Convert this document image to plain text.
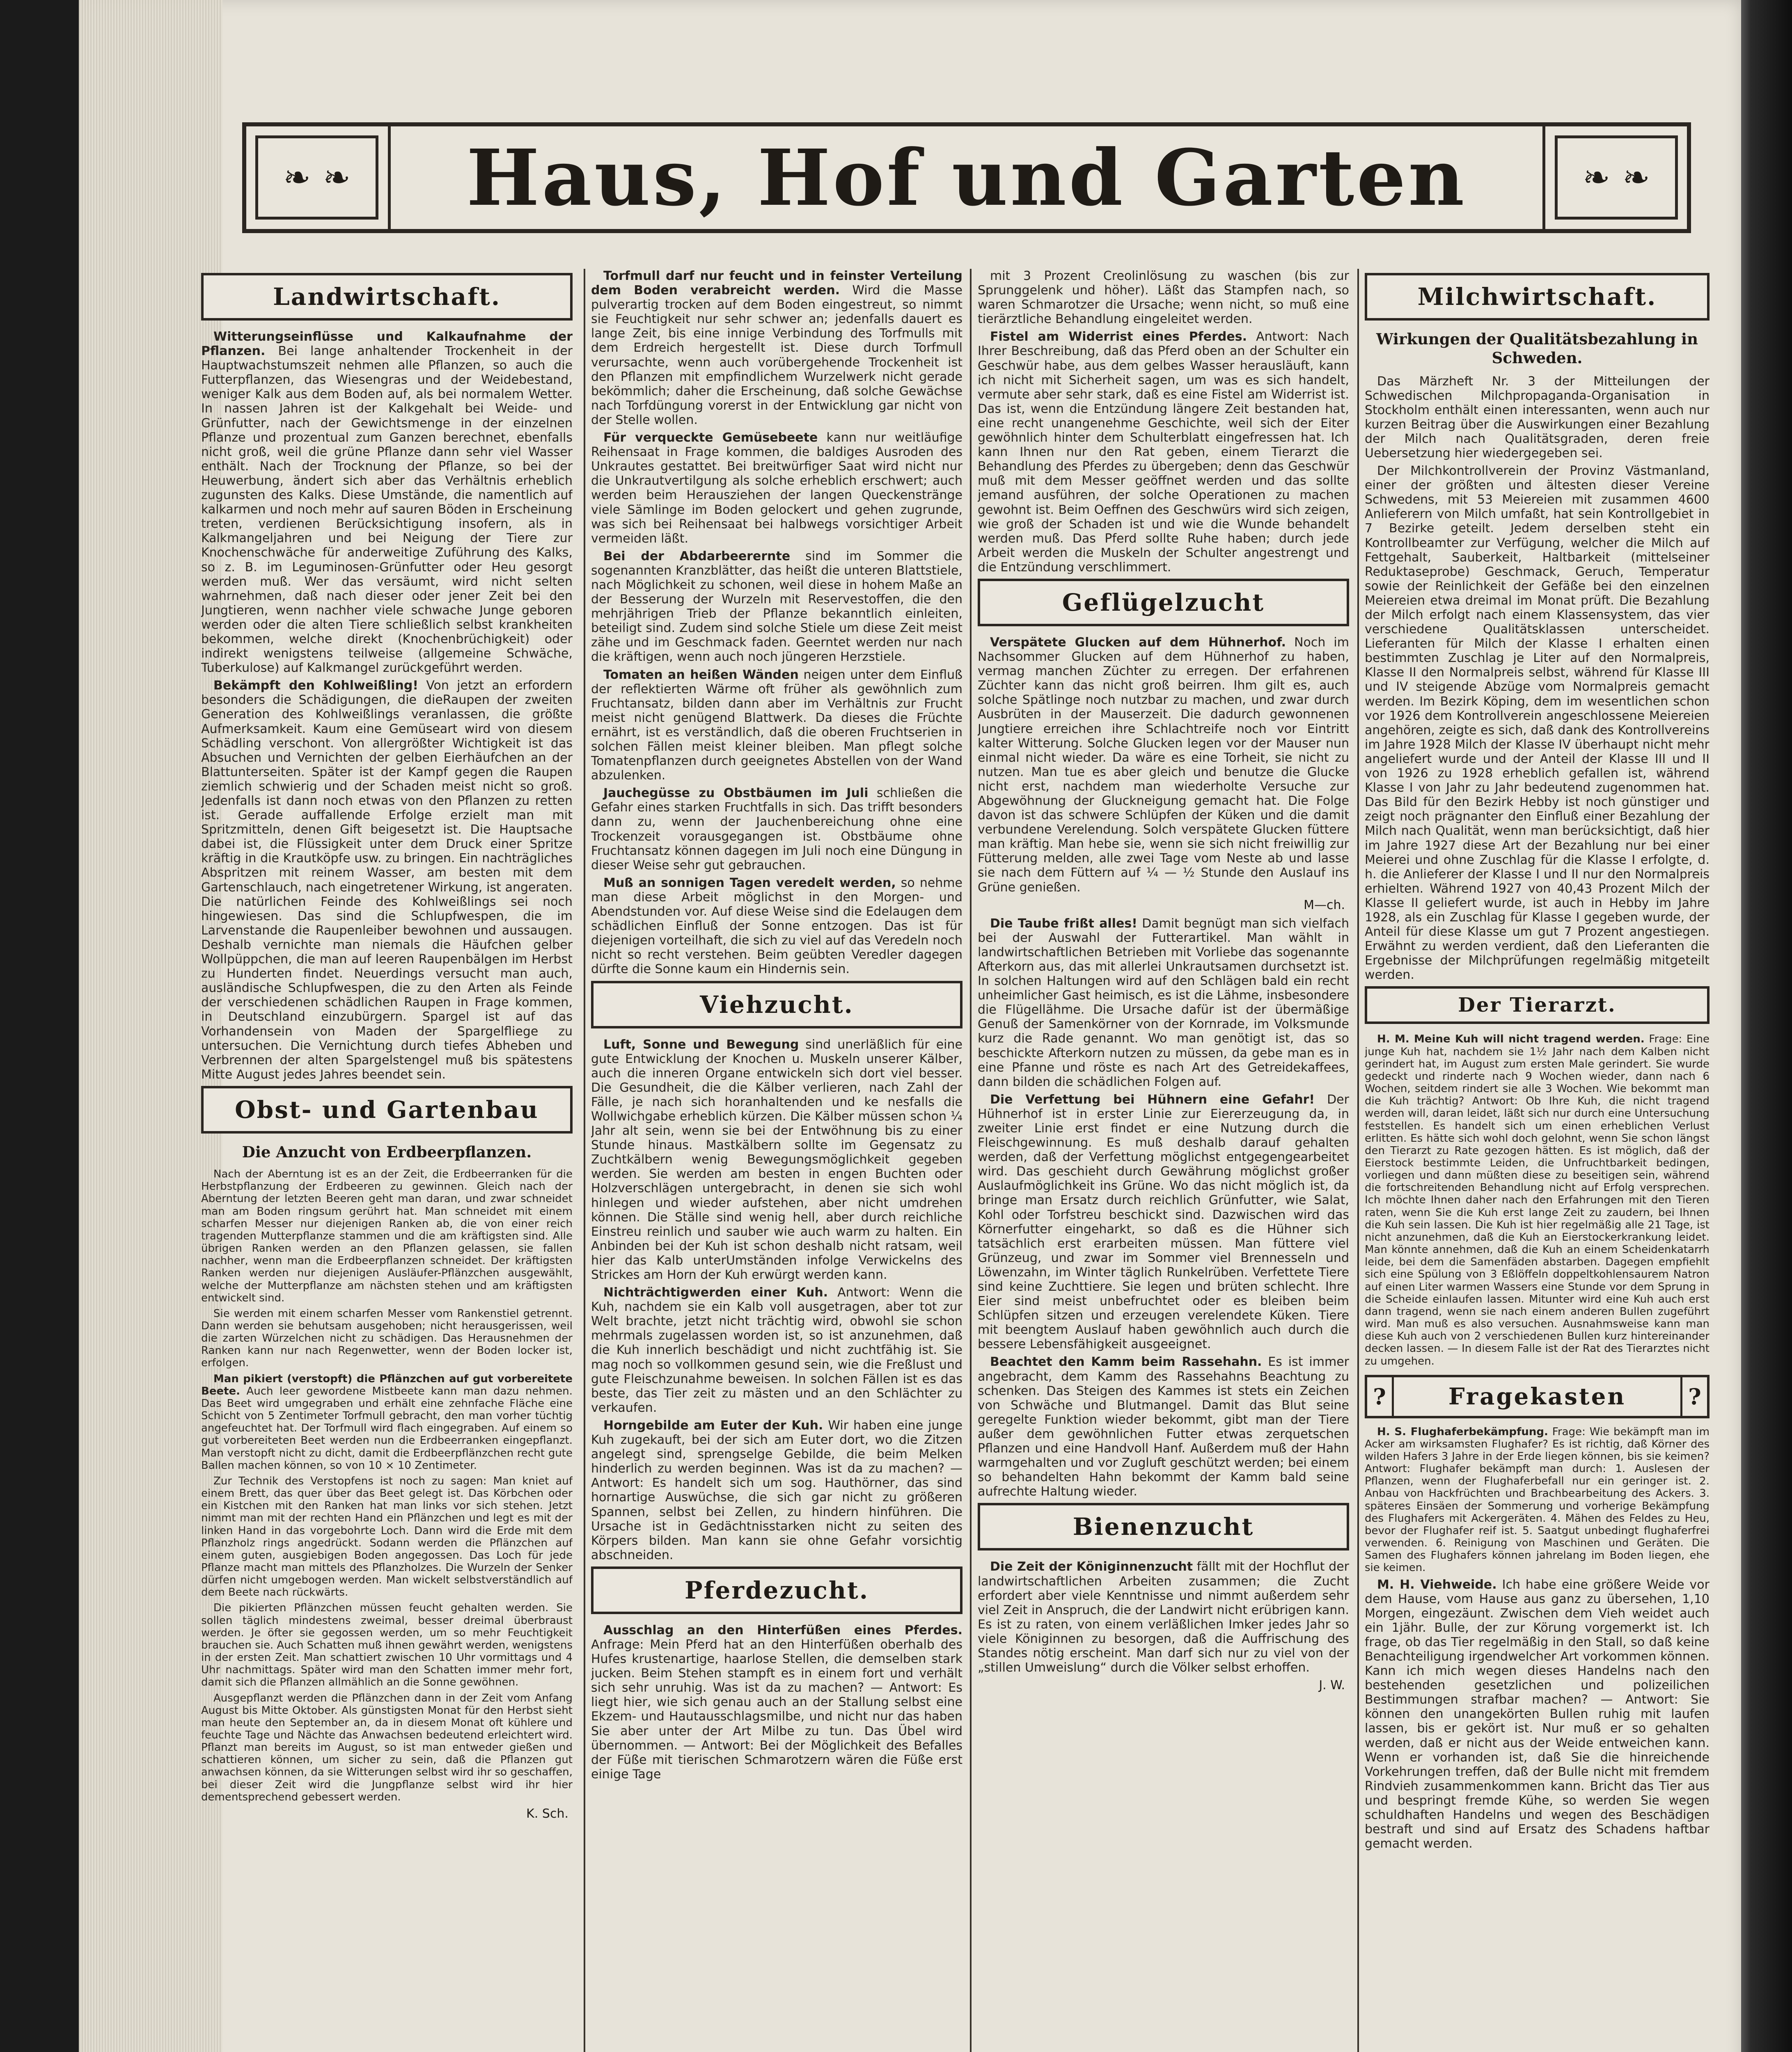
❧ ❧	Haus, Hof und Garten	❧ ❧
Landwirtschaft.

Witterungseinflüsse und Kalkaufnahme der Pflanzen. Bei lange anhaltender Trockenheit in der Hauptwachstumszeit nehmen alle Pflanzen, so auch die Futterpflanzen, das Wiesengras und der Weidebestand, weniger Kalk aus dem Boden auf, als bei normalem Wetter. In nassen Jahren ist der Kalkgehalt bei Weide- und Grünfutter, nach der Gewichtsmenge in der einzelnen Pflanze und prozentual zum Ganzen berechnet, ebenfalls nicht groß, weil die grüne Pflanze dann sehr viel Wasser enthält. Nach der Trocknung der Pflanze, so bei der Heuwerbung, ändert sich aber das Verhältnis erheblich zugunsten des Kalks. Diese Umstände, die namentlich auf kalkarmen und noch mehr auf sauren Böden in Erscheinung treten, verdienen Berücksichtigung insofern, als in Kalkmangeljahren und bei Neigung der Tiere zur Knochenschwäche für anderweitige Zuführung des Kalks, so z. B. im Leguminosen-Grünfutter oder Heu gesorgt werden muß. Wer das versäumt, wird nicht selten wahrnehmen, daß nach dieser oder jener Zeit bei den Jungtieren, wenn nachher viele schwache Junge geboren werden oder die alten Tiere schließlich selbst krankheiten bekommen, welche direkt (Knochenbrüchigkeit) oder indirekt wenigstens teilweise (allgemeine Schwäche, Tuberkulose) auf Kalkmangel zurückgeführt werden.

Bekämpft den Kohlweißling! Von jetzt an erfordern besonders die Schädigungen, die dieRaupen der zweiten Generation des Kohlweißlings veranlassen, die größte Aufmerksamkeit. Kaum eine Gemüseart wird von diesem Schädling verschont. Von allergrößter Wichtigkeit ist das Absuchen und Vernichten der gelben Eierhäufchen an der Blattunterseiten. Später ist der Kampf gegen die Raupen ziemlich schwierig und der Schaden meist nicht so groß. Jedenfalls ist dann noch etwas von den Pflanzen zu retten ist. Gerade auffallende Erfolge erzielt man mit Spritzmitteln, denen Gift beigesetzt ist. Die Hauptsache dabei ist, die Flüssigkeit unter dem Druck einer Spritze kräftig in die Krautköpfe usw. zu bringen. Ein nachträgliches Abspritzen mit reinem Wasser, am besten mit dem Gartenschlauch, nach eingetretener Wirkung, ist angeraten. Die natürlichen Feinde des Kohlweißlings sei noch hingewiesen. Das sind die Schlupfwespen, die im Larvenstande die Raupenleiber bewohnen und aussaugen. Deshalb vernichte man niemals die Häufchen gelber Wollpüppchen, die man auf leeren Raupenbälgen im Herbst zu Hunderten findet. Neuerdings versucht man auch, ausländische Schlupfwespen, die zu den Arten als Feinde der verschiedenen schädlichen Raupen in Frage kommen, in Deutschland einzubürgern. Spargel ist auf das Vorhandensein von Maden der Spargelfliege zu untersuchen. Die Vernichtung durch tiefes Abheben und Verbrennen der alten Spargelstengel muß bis spätestens Mitte August jedes Jahres beendet sein.

Obst- und Gartenbau
Die Anzucht von Erdbeerpflanzen.

Nach der Aberntung ist es an der Zeit, die Erdbeerranken für die Herbstpflanzung der Erdbeeren zu gewinnen. Gleich nach der Aberntung der letzten Beeren geht man daran, und zwar schneidet man am Boden ringsum gerührt hat. Man schneidet mit einem scharfen Messer nur diejenigen Ranken ab, die von einer reich tragenden Mutterpflanze stammen und die am kräftigsten sind. Alle übrigen Ranken werden an den Pflanzen gelassen, sie fallen nachher, wenn man die Erdbeerpflanzen schneidet. Der kräftigsten Ranken werden nur diejenigen Ausläufer-Pflänzchen ausgewählt, welche der Mutterpflanze am nächsten stehen und am kräftigsten entwickelt sind.

Sie werden mit einem scharfen Messer vom Rankenstiel getrennt. Dann werden sie behutsam ausgehoben; nicht herausgerissen, weil die zarten Würzelchen nicht zu schädigen. Das Herausnehmen der Ranken kann nur nach Regenwetter, wenn der Boden locker ist, erfolgen.

Man pikiert (verstopft) die Pflänzchen auf gut vorbereitete Beete. Auch leer gewordene Mistbeete kann man dazu nehmen. Das Beet wird umgegraben und erhält eine zehnfache Fläche eine Schicht von 5 Zentimeter Torfmull gebracht, den man vorher tüchtig angefeuchtet hat. Der Torfmull wird flach eingegraben. Auf einem so gut vorbereiteten Beet werden nun die Erdbeerranken eingepflanzt. Man verstopft nicht zu dicht, damit die Erdbeerpflänzchen recht gute Ballen machen können, so von 10 × 10 Zentimeter.

Zur Technik des Verstopfens ist noch zu sagen: Man kniet auf einem Brett, das quer über das Beet gelegt ist. Das Körbchen oder ein Kistchen mit den Ranken hat man links vor sich stehen. Jetzt nimmt man mit der rechten Hand ein Pflänzchen und legt es mit der linken Hand in das vorgebohrte Loch. Dann wird die Erde mit dem Pflanzholz rings angedrückt. Sodann werden die Pflänzchen auf einem guten, ausgiebigen Boden angegossen. Das Loch für jede Pflanze macht man mittels des Pflanzholzes. Die Wurzeln der Senker dürfen nicht umgebogen werden. Man wickelt selbstverständlich auf dem Beete nach rückwärts.

Die pikierten Pflänzchen müssen feucht gehalten werden. Sie sollen täglich mindestens zweimal, besser dreimal überbraust werden. Je öfter sie gegossen werden, um so mehr Feuchtigkeit brauchen sie. Auch Schatten muß ihnen gewährt werden, wenigstens in der ersten Zeit. Man schattiert zwischen 10 Uhr vormittags und 4 Uhr nachmittags. Später wird man den Schatten immer mehr fort, damit sich die Pflanzen allmählich an die Sonne gewöhnen.

Ausgepflanzt werden die Pflänzchen dann in der Zeit vom Anfang August bis Mitte Oktober. Als günstigsten Monat für den Herbst sieht man heute den September an, da in diesem Monat oft kühlere und feuchte Tage und Nächte das Anwachsen bedeutend erleichtert wird. Pflanzt man bereits im August, so ist man entweder gießen und schattieren können, um sicher zu sein, daß die Pflanzen gut anwachsen können, da sie Witterungen selbst wird ihr so geschaffen, bei dieser Zeit wird die Jungpflanze selbst wird ihr hier dementsprechend gebessert werden.

K. Sch.

Torfmull darf nur feucht und in feinster Verteilung dem Boden verabreicht werden. Wird die Masse pulverartig trocken auf dem Boden eingestreut, so nimmt sie Feuchtigkeit nur sehr schwer an; jedenfalls dauert es lange Zeit, bis eine innige Verbindung des Torfmulls mit dem Erdreich hergestellt ist. Diese durch Torfmull verursachte, wenn auch vorübergehende Trockenheit ist den Pflanzen mit empfindlichem Wurzelwerk nicht gerade bekömmlich; daher die Erscheinung, daß solche Gewächse nach Torfdüngung vorerst in der Entwicklung gar nicht von der Stelle wollen.

Für verqueckte Gemüsebeete kann nur weitläufige Reihensaat in Frage kommen, die baldiges Ausroden des Unkrautes gestattet. Bei breitwürfiger Saat wird nicht nur die Unkrautvertilgung als solche erheblich erschwert; auch werden beim Herausziehen der langen Queckenstränge viele Sämlinge im Boden gelockert und gehen zugrunde, was sich bei Reihensaat bei halbwegs vorsichtiger Arbeit vermeiden läßt.

Bei der Abdarbeerernte sind im Sommer die sogenannten Kranzblätter, das heißt die unteren Blattstiele, nach Möglichkeit zu schonen, weil diese in hohem Maße an der Besserung der Wurzeln mit Reservestoffen, die den mehrjährigen Trieb der Pflanze bekanntlich einleiten, beteiligt sind. Zudem sind solche Stiele um diese Zeit meist zähe und im Geschmack faden. Geerntet werden nur nach die kräftigen, wenn auch noch jüngeren Herzstiele.

Tomaten an heißen Wänden neigen unter dem Einfluß der reflektierten Wärme oft früher als gewöhnlich zum Fruchtansatz, bilden dann aber im Verhältnis zur Frucht meist nicht genügend Blattwerk. Da dieses die Früchte ernährt, ist es verständlich, daß die oberen Fruchtserien in solchen Fällen meist kleiner bleiben. Man pflegt solche Tomatenpflanzen durch geeignetes Abstellen von der Wand abzulenken.

Jauchegüsse zu Obstbäumen im Juli schließen die Gefahr eines starken Fruchtfalls in sich. Das trifft besonders dann zu, wenn der Jauchenbereichung ohne eine Trockenzeit vorausgegangen ist. Obstbäume ohne Fruchtansatz können dagegen im Juli noch eine Düngung in dieser Weise sehr gut gebrauchen.

Muß an sonnigen Tagen veredelt werden, so nehme man diese Arbeit möglichst in den Morgen- und Abendstunden vor. Auf diese Weise sind die Edelaugen dem schädlichen Einfluß der Sonne entzogen. Das ist für diejenigen vorteilhaft, die sich zu viel auf das Veredeln noch nicht so recht verstehen. Beim geübten Veredler dagegen dürfte die Sonne kaum ein Hindernis sein.

Viehzucht.

Luft, Sonne und Bewegung sind unerläßlich für eine gute Entwicklung der Knochen u. Muskeln unserer Kälber, auch die inneren Organe entwickeln sich dort viel besser. Die Gesundheit, die die Kälber verlieren, nach Zahl der Fälle, je nach sich horanhaltenden und ke nesfalls die Wollwichgabe erheblich kürzen. Die Kälber müssen schon ¼ Jahr alt sein, wenn sie bei der Entwöhnung bis zu einer Stunde hinaus. Mastkälbern sollte im Gegensatz zu Zuchtkälbern wenig Bewegungsmöglichkeit gegeben werden. Sie werden am besten in engen Buchten oder Holzverschlägen untergebracht, in denen sie sich wohl hinlegen und wieder aufstehen, aber nicht umdrehen können. Die Ställe sind wenig hell, aber durch reichliche Einstreu reinlich und sauber wie auch warm zu halten. Ein Anbinden bei der Kuh ist schon deshalb nicht ratsam, weil hier das Kalb unterUmständen infolge Verwickelns des Strickes am Horn der Kuh erwürgt werden kann.

Nichträchtigwerden einer Kuh. Antwort: Wenn die Kuh, nachdem sie ein Kalb voll ausgetragen, aber tot zur Welt brachte, jetzt nicht trächtig wird, obwohl sie schon mehrmals zugelassen worden ist, so ist anzunehmen, daß die Kuh innerlich beschädigt und nicht zuchtfähig ist. Sie mag noch so vollkommen gesund sein, wie die Freßlust und gute Fleischzunahme beweisen. In solchen Fällen ist es das beste, das Tier zeit zu mästen und an den Schlächter zu verkaufen.

Horngebilde am Euter der Kuh. Wir haben eine junge Kuh zugekauft, bei der sich am Euter dort, wo die Zitzen angelegt sind, sprengselge Gebilde, die beim Melken hinderlich zu werden beginnen. Was ist da zu machen? — Antwort: Es handelt sich um sog. Hauthörner, das sind hornartige Auswüchse, die sich gar nicht zu größeren Spannen, selbst bei Zellen, zu hindern hinführen. Die Ursache ist in Gedächtnisstarken nicht zu seiten des Körpers bilden. Man kann sie ohne Gefahr vorsichtig abschneiden.

Pferdezucht.

Ausschlag an den Hinterfüßen eines Pferdes. Anfrage: Mein Pferd hat an den Hinterfüßen oberhalb des Hufes krustenartige, haarlose Stellen, die demselben stark jucken. Beim Stehen stampft es in einem fort und verhält sich sehr unruhig. Was ist da zu machen? — Antwort: Es liegt hier, wie sich genau auch an der Stallung selbst eine Ekzem- und Hautausschlagsmilbe, und nicht nur das haben Sie aber unter der Art Milbe zu tun. Das Übel wird übernommen. — Antwort: Bei der Möglichkeit des Befalles der Füße mit tierischen Schmarotzern wären die Füße erst einige Tage

mit 3 Prozent Creolinlösung zu waschen (bis zur Sprunggelenk und höher). Läßt das Stampfen nach, so waren Schmarotzer die Ursache; wenn nicht, so muß eine tierärztliche Behandlung eingeleitet werden.

Fistel am Widerrist eines Pferdes. Antwort: Nach Ihrer Beschreibung, daß das Pferd oben an der Schulter ein Geschwür habe, aus dem gelbes Wasser herausläuft, kann ich nicht mit Sicherheit sagen, um was es sich handelt, vermute aber sehr stark, daß es eine Fistel am Widerrist ist. Das ist, wenn die Entzündung längere Zeit bestanden hat, eine recht unangenehme Geschichte, weil sich der Eiter gewöhnlich hinter dem Schulterblatt eingefressen hat. Ich kann Ihnen nur den Rat geben, einem Tierarzt die Behandlung des Pferdes zu übergeben; denn das Geschwür muß mit dem Messer geöffnet werden und das sollte jemand ausführen, der solche Operationen zu machen gewohnt ist. Beim Oeffnen des Geschwürs wird sich zeigen, wie groß der Schaden ist und wie die Wunde behandelt werden muß. Das Pferd sollte Ruhe haben; durch jede Arbeit werden die Muskeln der Schulter angestrengt und die Entzündung verschlimmert.

Geflügelzucht

Verspätete Glucken auf dem Hühnerhof. Noch im Nachsommer Glucken auf dem Hühnerhof zu haben, vermag manchen Züchter zu erregen. Der erfahrenen Züchter kann das nicht groß beirren. Ihm gilt es, auch solche Spätlinge noch nutzbar zu machen, und zwar durch Ausbrüten in der Mauserzeit. Die dadurch gewonnenen Jungtiere erreichen ihre Schlachtreife noch vor Eintritt kalter Witterung. Solche Glucken legen vor der Mauser nun einmal nicht wieder. Da wäre es eine Torheit, sie nicht zu nutzen. Man tue es aber gleich und benutze die Glucke nicht erst, nachdem man wiederholte Versuche zur Abgewöhnung der Gluckneigung gemacht hat. Die Folge davon ist das schwere Schlüpfen der Küken und die damit verbundene Verelendung. Solch verspätete Glucken füttere man kräftig. Man hebe sie, wenn sie sich nicht freiwillig zur Fütterung melden, alle zwei Tage vom Neste ab und lasse sie nach dem Füttern auf ¼ — ½ Stunde den Auslauf ins Grüne genießen.

M—ch.

Die Taube frißt alles! Damit begnügt man sich vielfach bei der Auswahl der Futterartikel. Man wählt in landwirtschaftlichen Betrieben mit Vorliebe das sogenannte Afterkorn aus, das mit allerlei Unkrautsamen durchsetzt ist. In solchen Haltungen wird auf den Schlägen bald ein recht unheimlicher Gast heimisch, es ist die Lähme, insbesondere die Flügellähme. Die Ursache dafür ist der übermäßige Genuß der Samenkörner von der Kornrade, im Volksmunde kurz die Rade genannt. Wo man genötigt ist, das so beschickte Afterkorn nutzen zu müssen, da gebe man es in eine Pfanne und röste es nach Art des Getreidekaffees, dann bilden die schädlichen Folgen auf.

Die Verfettung bei Hühnern eine Gefahr! Der Hühnerhof ist in erster Linie zur Eiererzeugung da, in zweiter Linie erst findet er eine Nutzung durch die Fleischgewinnung. Es muß deshalb darauf gehalten werden, daß der Verfettung möglichst entgegengearbeitet wird. Das geschieht durch Gewährung möglichst großer Auslaufmöglichkeit ins Grüne. Wo das nicht möglich ist, da bringe man Ersatz durch reichlich Grünfutter, wie Salat, Kohl oder Torfstreu beschickt sind. Dazwischen wird das Körnerfutter eingeharkt, so daß es die Hühner sich tatsächlich erst erarbeiten müssen. Man füttere viel Grünzeug, und zwar im Sommer viel Brennesseln und Löwenzahn, im Winter täglich Runkelrüben. Verfettete Tiere sind keine Zuchttiere. Sie legen und brüten schlecht. Ihre Eier sind meist unbefruchtet oder es bleiben beim Schlüpfen sitzen und erzeugen verelendete Küken. Tiere mit beengtem Auslauf haben gewöhnlich auch durch die bessere Lebensfähigkeit ausgeeignet.

Beachtet den Kamm beim Rassehahn. Es ist immer angebracht, dem Kamm des Rassehahns Beachtung zu schenken. Das Steigen des Kammes ist stets ein Zeichen von Schwäche und Blutmangel. Damit das Blut seine geregelte Funktion wieder bekommt, gibt man der Tiere außer dem gewöhnlichen Futter etwas zerquetschen Pflanzen und eine Handvoll Hanf. Außerdem muß der Hahn warmgehalten und vor Zugluft geschützt werden; bei einem so behandelten Hahn bekommt der Kamm bald seine aufrechte Haltung wieder.

Bienenzucht

Die Zeit der Königinnenzucht fällt mit der Hochflut der landwirtschaftlichen Arbeiten zusammen; die Zucht erfordert aber viele Kenntnisse und nimmt außerdem sehr viel Zeit in Anspruch, die der Landwirt nicht erübrigen kann. Es ist zu raten, von einem verläßlichen Imker jedes Jahr so viele Königinnen zu besorgen, daß die Auffrischung des Standes nötig erscheint. Man darf sich nur zu viel von der „stillen Umweislung“ durch die Völker selbst erhoffen.

J. W.
Milchwirtschaft.
Wirkungen der Qualitätsbezahlung in Schweden.

Das Märzheft Nr. 3 der Mitteilungen der Schwedischen Milchpropaganda-Organisation in Stockholm enthält einen interessanten, wenn auch nur kurzen Beitrag über die Auswirkungen einer Bezahlung der Milch nach Qualitätsgraden, deren freie Uebersetzung hier wiedergegeben sei.

Der Milchkontrollverein der Provinz Västmanland, einer der größten und ältesten dieser Vereine Schwedens, mit 53 Meiereien mit zusammen 4600 Anlieferern von Milch umfaßt, hat sein Kontrollgebiet in 7 Bezirke geteilt. Jedem derselben steht ein Kontrollbeamter zur Verfügung, welcher die Milch auf Fettgehalt, Sauberkeit, Haltbarkeit (mittelseiner Reduktaseprobe) Geschmack, Geruch, Temperatur sowie der Reinlichkeit der Gefäße bei den einzelnen Meiereien etwa dreimal im Monat prüft. Die Bezahlung der Milch erfolgt nach einem Klassensystem, das vier verschiedene Qualitätsklassen unterscheidet. Lieferanten für Milch der Klasse I erhalten einen bestimmten Zuschlag je Liter auf den Normalpreis, Klasse II den Normalpreis selbst, während für Klasse III und IV steigende Abzüge vom Normalpreis gemacht werden. Im Bezirk Köping, dem im wesentlichen schon vor 1926 dem Kontrollverein angeschlossene Meiereien angehören, zeigte es sich, daß dank des Kontrollvereins im Jahre 1928 Milch der Klasse IV überhaupt nicht mehr angeliefert wurde und der Anteil der Klasse III und II von 1926 zu 1928 erheblich gefallen ist, während Klasse I von Jahr zu Jahr bedeutend zugenommen hat. Das Bild für den Bezirk Hebby ist noch günstiger und zeigt noch prägnanter den Einfluß einer Bezahlung der Milch nach Qualität, wenn man berücksichtigt, daß hier im Jahre 1927 diese Art der Bezahlung nur bei einer Meierei und ohne Zuschlag für die Klasse I erfolgte, d. h. die Anlieferer der Klasse I und II nur den Normalpreis erhielten. Während 1927 von 40,43 Prozent Milch der Klasse II geliefert wurde, ist auch in Hebby im Jahre 1928, als ein Zuschlag für Klasse I gegeben wurde, der Anteil für diese Klasse um gut 7 Prozent angestiegen. Erwähnt zu werden verdient, daß den Lieferanten die Ergebnisse der Milchprüfungen regelmäßig mitgeteilt werden.

Der Tierarzt.

H. M. Meine Kuh will nicht tragend werden. Frage: Eine junge Kuh hat, nachdem sie 1½ Jahr nach dem Kalben nicht gerindert hat, im August zum ersten Male gerindert. Sie wurde gedeckt und rinderte nach 9 Wochen wieder, dann nach 6 Wochen, seitdem rindert sie alle 3 Wochen. Wie bekommt man die Kuh trächtig? Antwort: Ob Ihre Kuh, die nicht tragend werden will, daran leidet, läßt sich nur durch eine Untersuchung feststellen. Es handelt sich um einen erheblichen Verlust erlitten. Es hätte sich wohl doch gelohnt, wenn Sie schon längst den Tierarzt zu Rate gezogen hätten. Es ist möglich, daß der Eierstock bestimmte Leiden, die Unfruchtbarkeit bedingen, vorliegen und dann müßten diese zu beseitigen sein, während die fortschreitenden Behandlung nicht auf Erfolg versprechen. Ich möchte Ihnen daher nach den Erfahrungen mit den Tieren raten, wenn Sie die Kuh erst lange Zeit zu zaudern, bei Ihnen die Kuh sein lassen. Die Kuh ist hier regelmäßig alle 21 Tage, ist nicht anzunehmen, daß die Kuh an Eierstockerkrankung leidet. Man könnte annehmen, daß die Kuh an einem Scheidenkatarrh leide, bei dem die Samenfäden abstarben. Dagegen empfiehlt sich eine Spülung von 3 Eßlöffeln doppeltkohlensaurem Natron auf einen Liter warmen Wassers eine Stunde vor dem Sprung in die Scheide einlaufen lassen. Mitunter wird eine Kuh auch erst dann tragend, wenn sie nach einem anderen Bullen zugeführt wird. Man muß es also versuchen. Ausnahmsweise kann man diese Kuh auch von 2 verschiedenen Bullen kurz hintereinander decken lassen. — In diesem Falle ist der Rat des Tierarztes nicht zu umgehen.

?	Fragekasten	?

H. S. Flughaferbekämpfung. Frage: Wie bekämpft man im Acker am wirksamsten Flughafer? Es ist richtig, daß Körner des wilden Hafers 3 Jahre in der Erde liegen können, bis sie keimen? Antwort: Flughafer bekämpft man durch: 1. Auslesen der Pflanzen, wenn der Flughaferbefall nur ein geringer ist. 2. Anbau von Hackfrüchten und Brachbearbeitung des Ackers. 3. späteres Einsäen der Sommerung und vorherige Bekämpfung des Flughafers mit Ackergeräten. 4. Mähen des Feldes zu Heu, bevor der Flughafer reif ist. 5. Saatgut unbedingt flughaferfrei verwenden. 6. Reinigung von Maschinen und Geräten. Die Samen des Flughafers können jahrelang im Boden liegen, ehe sie keimen.

M. H. Viehweide. Ich habe eine größere Weide vor dem Hause, vom Hause aus ganz zu übersehen, 1,10 Morgen, eingezäunt. Zwischen dem Vieh weidet auch ein 1jähr. Bulle, der zur Körung vorgemerkt ist. Ich frage, ob das Tier regelmäßig in den Stall, so daß keine Benachteiligung irgendwelcher Art vorkommen können. Kann ich mich wegen dieses Handelns nach den bestehenden gesetzlichen und polizeilichen Bestimmungen strafbar machen? — Antwort: Sie können den unangekörten Bullen ruhig mit laufen lassen, bis er gekört ist. Nur muß er so gehalten werden, daß er nicht aus der Weide entweichen kann. Wenn er vorhanden ist, daß Sie die hinreichende Vorkehrungen treffen, daß der Bulle nicht mit fremdem Rindvieh zusammenkommen kann. Bricht das Tier aus und bespringt fremde Kühe, so werden Sie wegen schuldhaften Handelns und wegen des Beschädigen bestraft und sind auf Ersatz des Schadens haftbar gemacht werden.
